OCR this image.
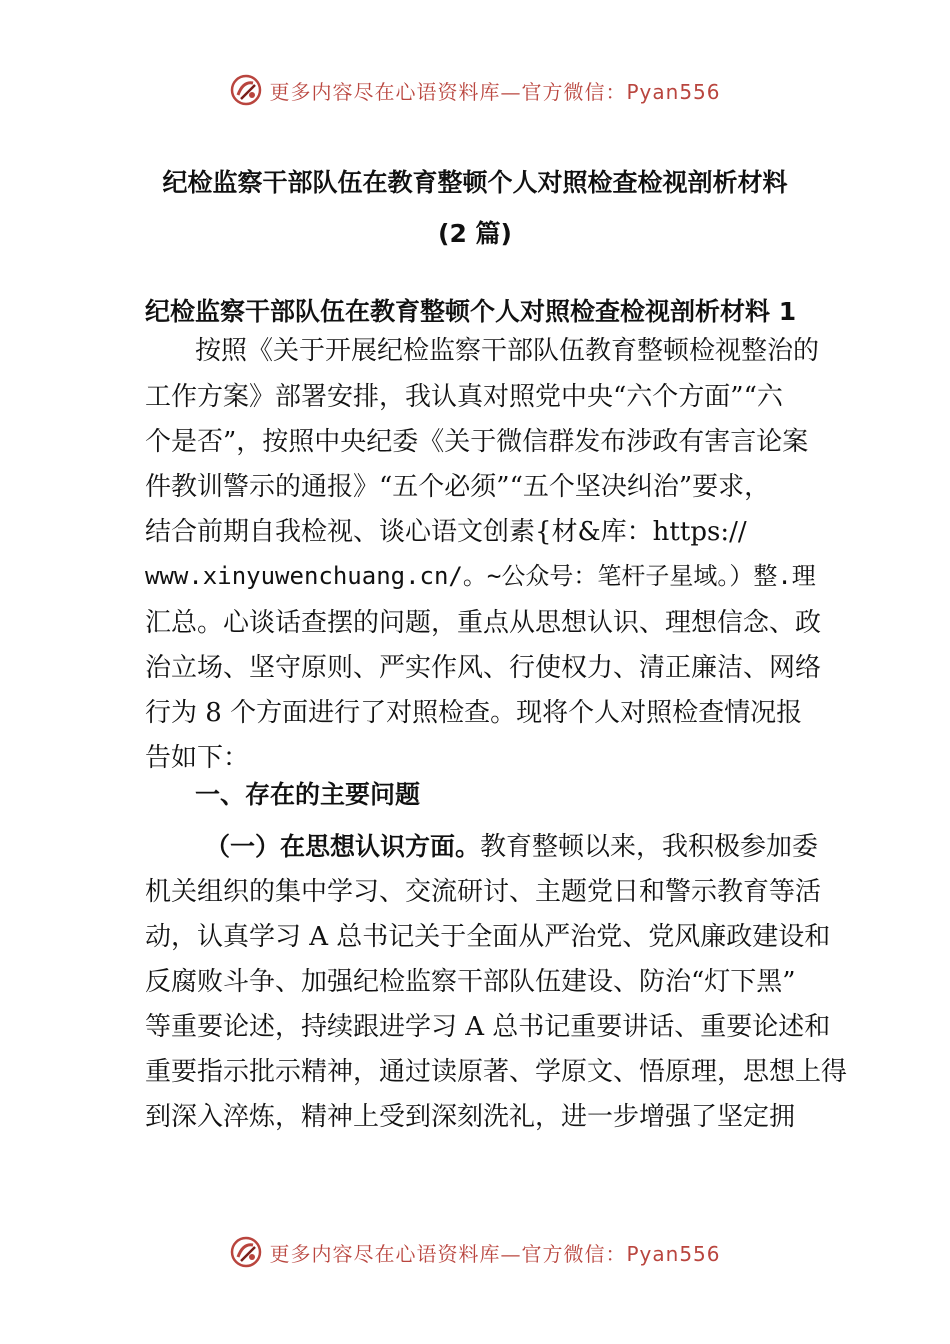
更多内容尽在心语资料库—官方微信：Pyan556
纪检监察干部队伍在教育整顿个人对照检查检视剖析材料
(2 篇)
纪检监察干部队伍在教育整顿个人对照检查检视剖析材料 1
按照《关于开展纪检监察干部队伍教育整顿检视整治的
工作方案》部署安排，我认真对照党中央“六个方面”“六
个是否”，按照中央纪委《关于微信群发布涉政有害言论案
件教训警示的通报》“五个必须”“五个坚决纠治”要求，
结合前期自我检视、谈心语文创素{材&库：https://
www.xinyuwenchuang.cn/。~公众号：笔杆子星域。）整.理
汇总。心谈话查摆的问题，重点从思想认识、理想信念、政
治立场、坚守原则、严实作风、行使权力、清正廉洁、网络
行为 8 个方面进行了对照检查。现将个人对照检查情况报
告如下：
一、存在的主要问题
（一）在思想认识方面。教育整顿以来，我积极参加委
机关组织的集中学习、交流研讨、主题党日和警示教育等活
动，认真学习 A 总书记关于全面从严治党、党风廉政建设和
反腐败斗争、加强纪检监察干部队伍建设、防治“灯下黑”
等重要论述，持续跟进学习 A 总书记重要讲话、重要论述和
重要指示批示精神，通过读原著、学原文、悟原理，思想上得
到深入淬炼，精神上受到深刻洗礼，进一步增强了坚定拥
更多内容尽在心语资料库—官方微信：Pyan556
